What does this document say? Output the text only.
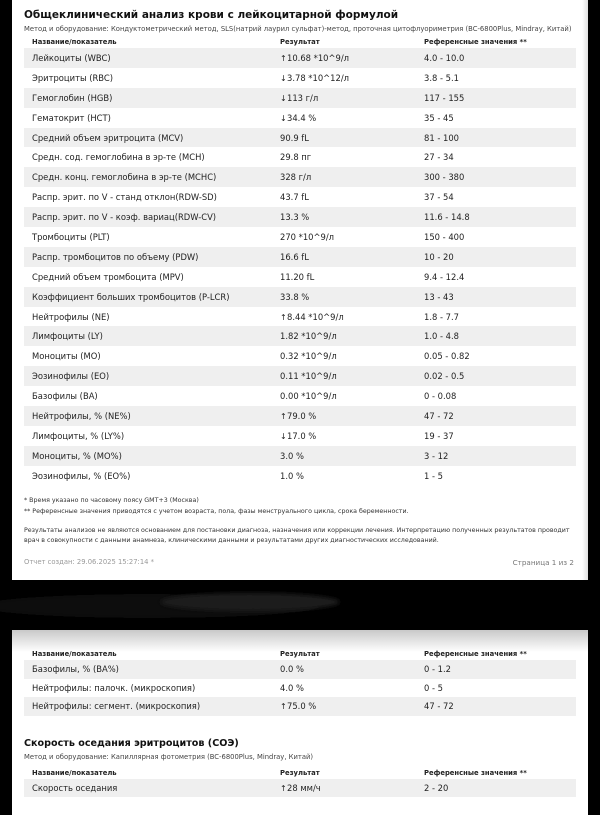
Общеклинический анализ крови с лейкоцитарной формулой
Метод и оборудование: Кондуктометрический метод, SLS(натрий лаурил сульфат)-метод, проточная цитофлуориметрия (BC-6800Plus, Mindray, Китай)
Название/показатель	Результат	Референсные значения **
Лейкоциты (WBC)	↑10.68 *10^9/л	4.0 - 10.0
Эритроциты (RBC)	↓3.78 *10^12/л	3.8 - 5.1
Гемоглобин (HGB)	↓113 г/л	117 - 155
Гематокрит (HCT)	↓34.4 %	35 - 45
Средний объем эритроцита (MCV)	90.9 fL	81 - 100
Средн. сод. гемоглобина в эр-те (MCH)	29.8 пг	27 - 34
Средн. конц. гемоглобина в эр-те (MCHC)	328 г/л	300 - 380
Распр. эрит. по V - станд отклон(RDW-SD)	43.7 fL	37 - 54
Распр. эрит. по V - коэф. вариац(RDW-CV)	13.3 %	11.6 - 14.8
Тромбоциты (PLT)	270 *10^9/л	150 - 400
Распр. тромбоцитов по объему (PDW)	16.6 fL	10 - 20
Средний объем тромбоцита (MPV)	11.20 fL	9.4 - 12.4
Коэффициент больших тромбоцитов (P-LCR)	33.8 %	13 - 43
Нейтрофилы (NE)	↑8.44 *10^9/л	1.8 - 7.7
Лимфоциты (LY)	1.82 *10^9/л	1.0 - 4.8
Моноциты (MO)	0.32 *10^9/л	0.05 - 0.82
Эозинофилы (EO)	0.11 *10^9/л	0.02 - 0.5
Базофилы (BA)	0.00 *10^9/л	0 - 0.08
Нейтрофилы, % (NE%)	↑79.0 %	47 - 72
Лимфоциты, % (LY%)	↓17.0 %	19 - 37
Моноциты, % (MO%)	3.0 %	3 - 12
Эозинофилы, % (EO%)	1.0 %	1 - 5
* Время указано по часовому поясу GMT+3 (Москва)
** Референсные значения приводятся с учетом возраста, пола, фазы менструального цикла, срока беременности.
Результаты анализов не являются основанием для постановки диагноза, назначения или коррекции лечения. Интерпретацию полученных результатов проводит врач в совокупности с данными анамнеза, клиническими данными и результатами других диагностических исследований.
Отчет создан: 29.06.2025 15:27:14 *	Страница 1 из 2
Название/показатель	Результат	Референсные значения **
Базофилы, % (BA%)	0.0 %	0 - 1.2
Нейтрофилы: палочк. (микроскопия)	4.0 %	0 - 5
Нейтрофилы: сегмент. (микроскопия)	↑75.0 %	47 - 72
Скорость оседания эритроцитов (СОЭ)
Метод и оборудование: Капиллярная фотометрия (BC-6800Plus, Mindray, Китай)
Название/показатель	Результат	Референсные значения **
Скорость оседания	↑28 мм/ч	2 - 20
